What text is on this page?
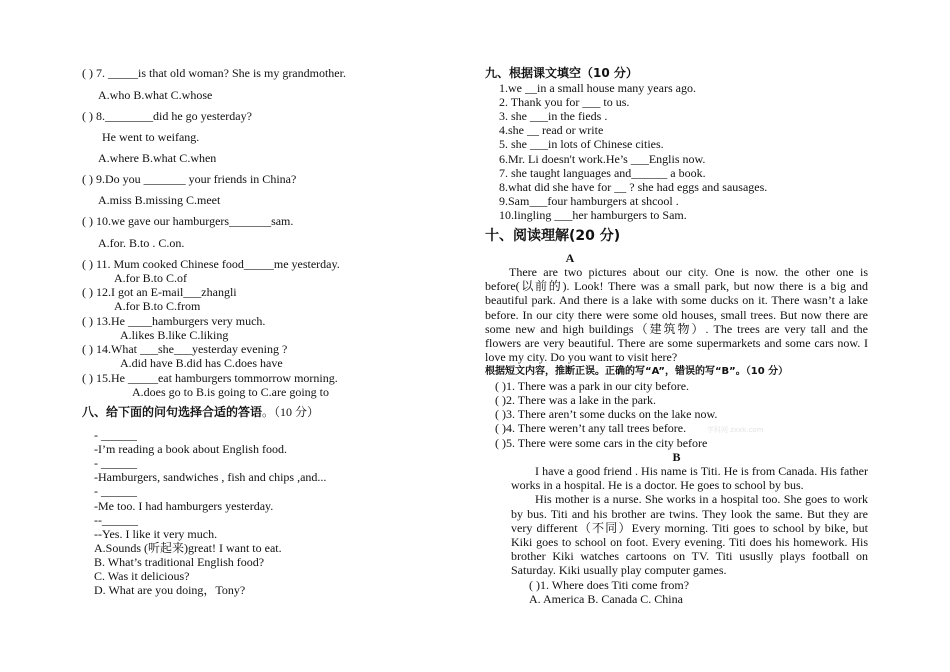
( ) 7. _____is that old woman? She is my grandmother.
A.who B.what C.whose
( ) 8.________did he go yesterday?
He went to weifang.
A.where B.what C.when
( ) 9.Do you _______ your friends in China?
A.miss B.missing C.meet
( ) 10.we gave our hamburgers_______sam.
A.for. B.to . C.on.
( ) 11. Mum cooked Chinese food_____me yesterday.
A.for B.to C.of
( ) 12.I got an E-mail___zhangli
A.for B.to C.from
( ) 13.He ____hamburgers very much.
A.likes B.like C.liking
( ) 14.What ___she___yesterday evening ?
A.did have B.did has C.does have
( ) 15.He _____eat hamburgers tommorrow morning.
A.does go to B.is going to C.are going to
八、给下面的问句选择合适的答语。（10 分）
- ______
-I’m reading a book about English food.
- ______
-Hamburgers, sandwiches , fish and chips ,and...
- ______
-Me too. I had hamburgers yesterday.
--______
--Yes. I like it very much.
A.Sounds (听起来)great! I want to eat.
B. What’s traditional English food?
C. Was it delicious?
D. What are you doing，Tony?
九、根据课文填空（10 分）
1.we __in a small house many years ago.
2. Thank you for ___ to us.
3. she ___in the fieds .
4.she __ read or write
5. she ___in lots of Chinese cities.
6.Mr. Li doesn't work.He’s ___Englis now.
7. she taught languages and______ a book.
8.what did she have for __ ? she had eggs and sausages.
9.Sam___four hamburgers at shcool .
10.lingling ___her hamburgers to Sam.
十、阅读理解(20 分)
A

There are two pictures about our city. One is now. the other one is before(以前的). Look! There was a small park, but now there is a big and beautiful park. And there is a lake with some ducks on it. There wasn’t a lake before. In our city there were some old houses, small trees. But now there are some new and high buildings（建筑物）. The trees are very tall and the flowers are very beautiful. There are some supermarkets and some cars now. I love my city. Do you want to visit here?

根据短文内容，推断正误。正确的写“A”，错误的写“B”。（10 分）
( )1. There was a park in our city before.
( )2. There was a lake in the park.
( )3. There aren’t some ducks on the lake now.
( )4. There weren’t any tall trees before.	学科网 zxxk.com
( )5. There were some cars in the city before
B

I have a good friend . His name is Titi. He is from Canada. His father works in a hospital. He is a doctor. He goes to school by bus.

His mother is a nurse. She works in a hospital too. She goes to work by bus. Titi and his brother are twins. They look the same. But they are very different（不同）Every morning. Titi goes to school by bike, but Kiki goes to school on foot. Every evening. Titi does his homework. His brother Kiki watches cartoons on TV. Titi ususlly plays football on Saturday. Kiki usually play computer games.

( )1. Where does Titi come from?
A. America B. Canada C. China
